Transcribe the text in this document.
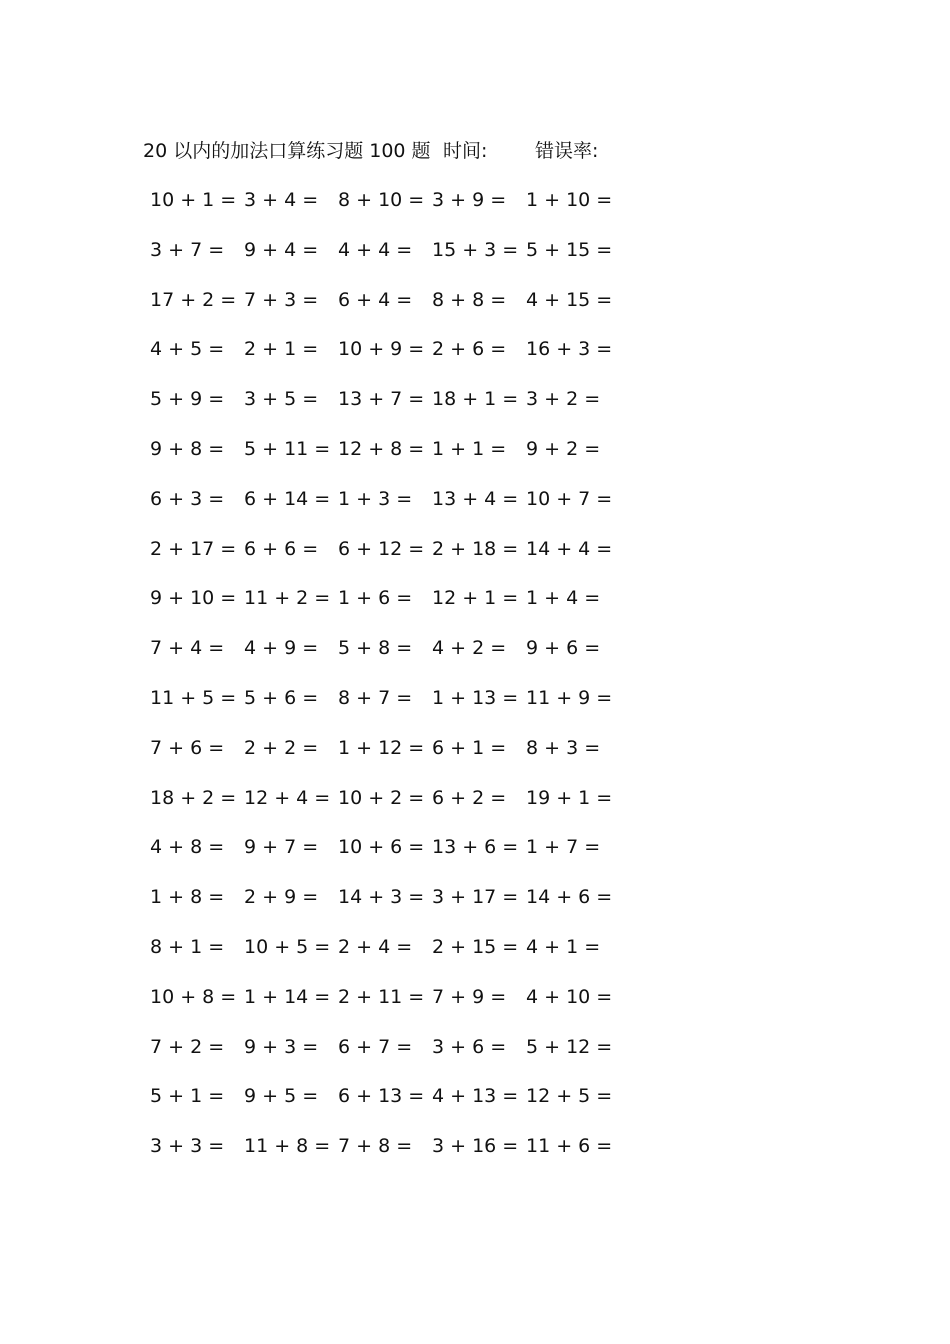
20 以内的加法口算练习题 100 题 时间:	错误率:
10 + 1 = 3 + 4 = 8 + 10 = 3 + 9 = 1 + 10 =
3 + 7 = 9 + 4 = 4 + 4 = 15 + 3 = 5 + 15 =
17 + 2 = 7 + 3 = 6 + 4 = 8 + 8 = 4 + 15 =
4 + 5 = 2 + 1 = 10 + 9 = 2 + 6 = 16 + 3 =
5 + 9 = 3 + 5 = 13 + 7 = 18 + 1 = 3 + 2 =
9 + 8 = 5 + 11 = 12 + 8 = 1 + 1 = 9 + 2 =
6 + 3 = 6 + 14 = 1 + 3 = 13 + 4 = 10 + 7 =
2 + 17 = 6 + 6 = 6 + 12 = 2 + 18 = 14 + 4 =
9 + 10 = 11 + 2 = 1 + 6 = 12 + 1 = 1 + 4 =
7 + 4 = 4 + 9 = 5 + 8 = 4 + 2 = 9 + 6 =
11 + 5 = 5 + 6 = 8 + 7 = 1 + 13 = 11 + 9 =
7 + 6 = 2 + 2 = 1 + 12 = 6 + 1 = 8 + 3 =
18 + 2 = 12 + 4 = 10 + 2 = 6 + 2 = 19 + 1 =
4 + 8 = 9 + 7 = 10 + 6 = 13 + 6 = 1 + 7 =
1 + 8 = 2 + 9 = 14 + 3 = 3 + 17 = 14 + 6 =
8 + 1 = 10 + 5 = 2 + 4 = 2 + 15 = 4 + 1 =
10 + 8 = 1 + 14 = 2 + 11 = 7 + 9 = 4 + 10 =
7 + 2 = 9 + 3 = 6 + 7 = 3 + 6 = 5 + 12 =
5 + 1 = 9 + 5 = 6 + 13 = 4 + 13 = 12 + 5 =
3 + 3 = 11 + 8 = 7 + 8 = 3 + 16 = 11 + 6 =
